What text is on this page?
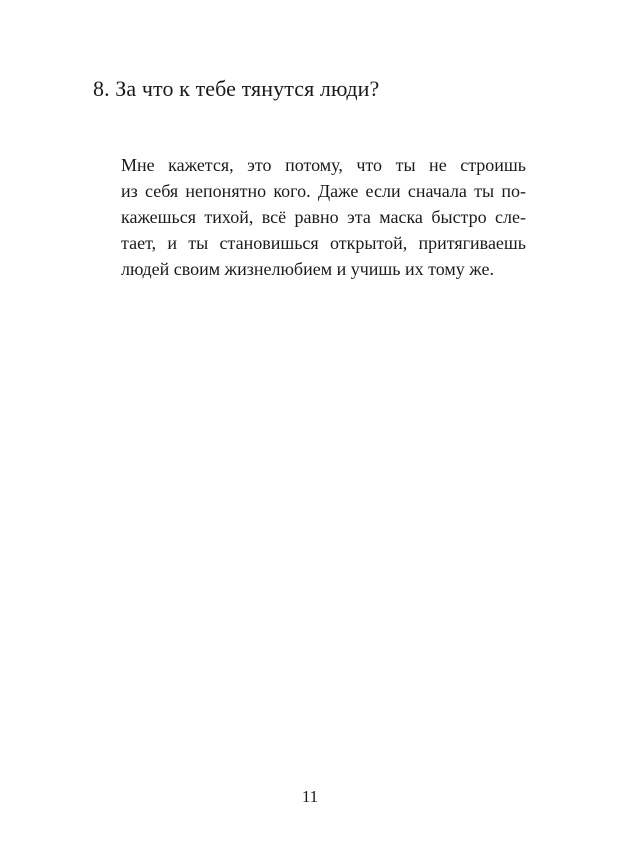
8. За что к тебе тянутся люди?
Мне кажется, это потому, что ты не строишь
из себя непонятно кого. Даже если сначала ты по-
кажешься тихой, всё равно эта маска быстро сле-
тает, и ты становишься открытой, притягиваешь
людей своим жизнелюбием и учишь их тому же.
11
